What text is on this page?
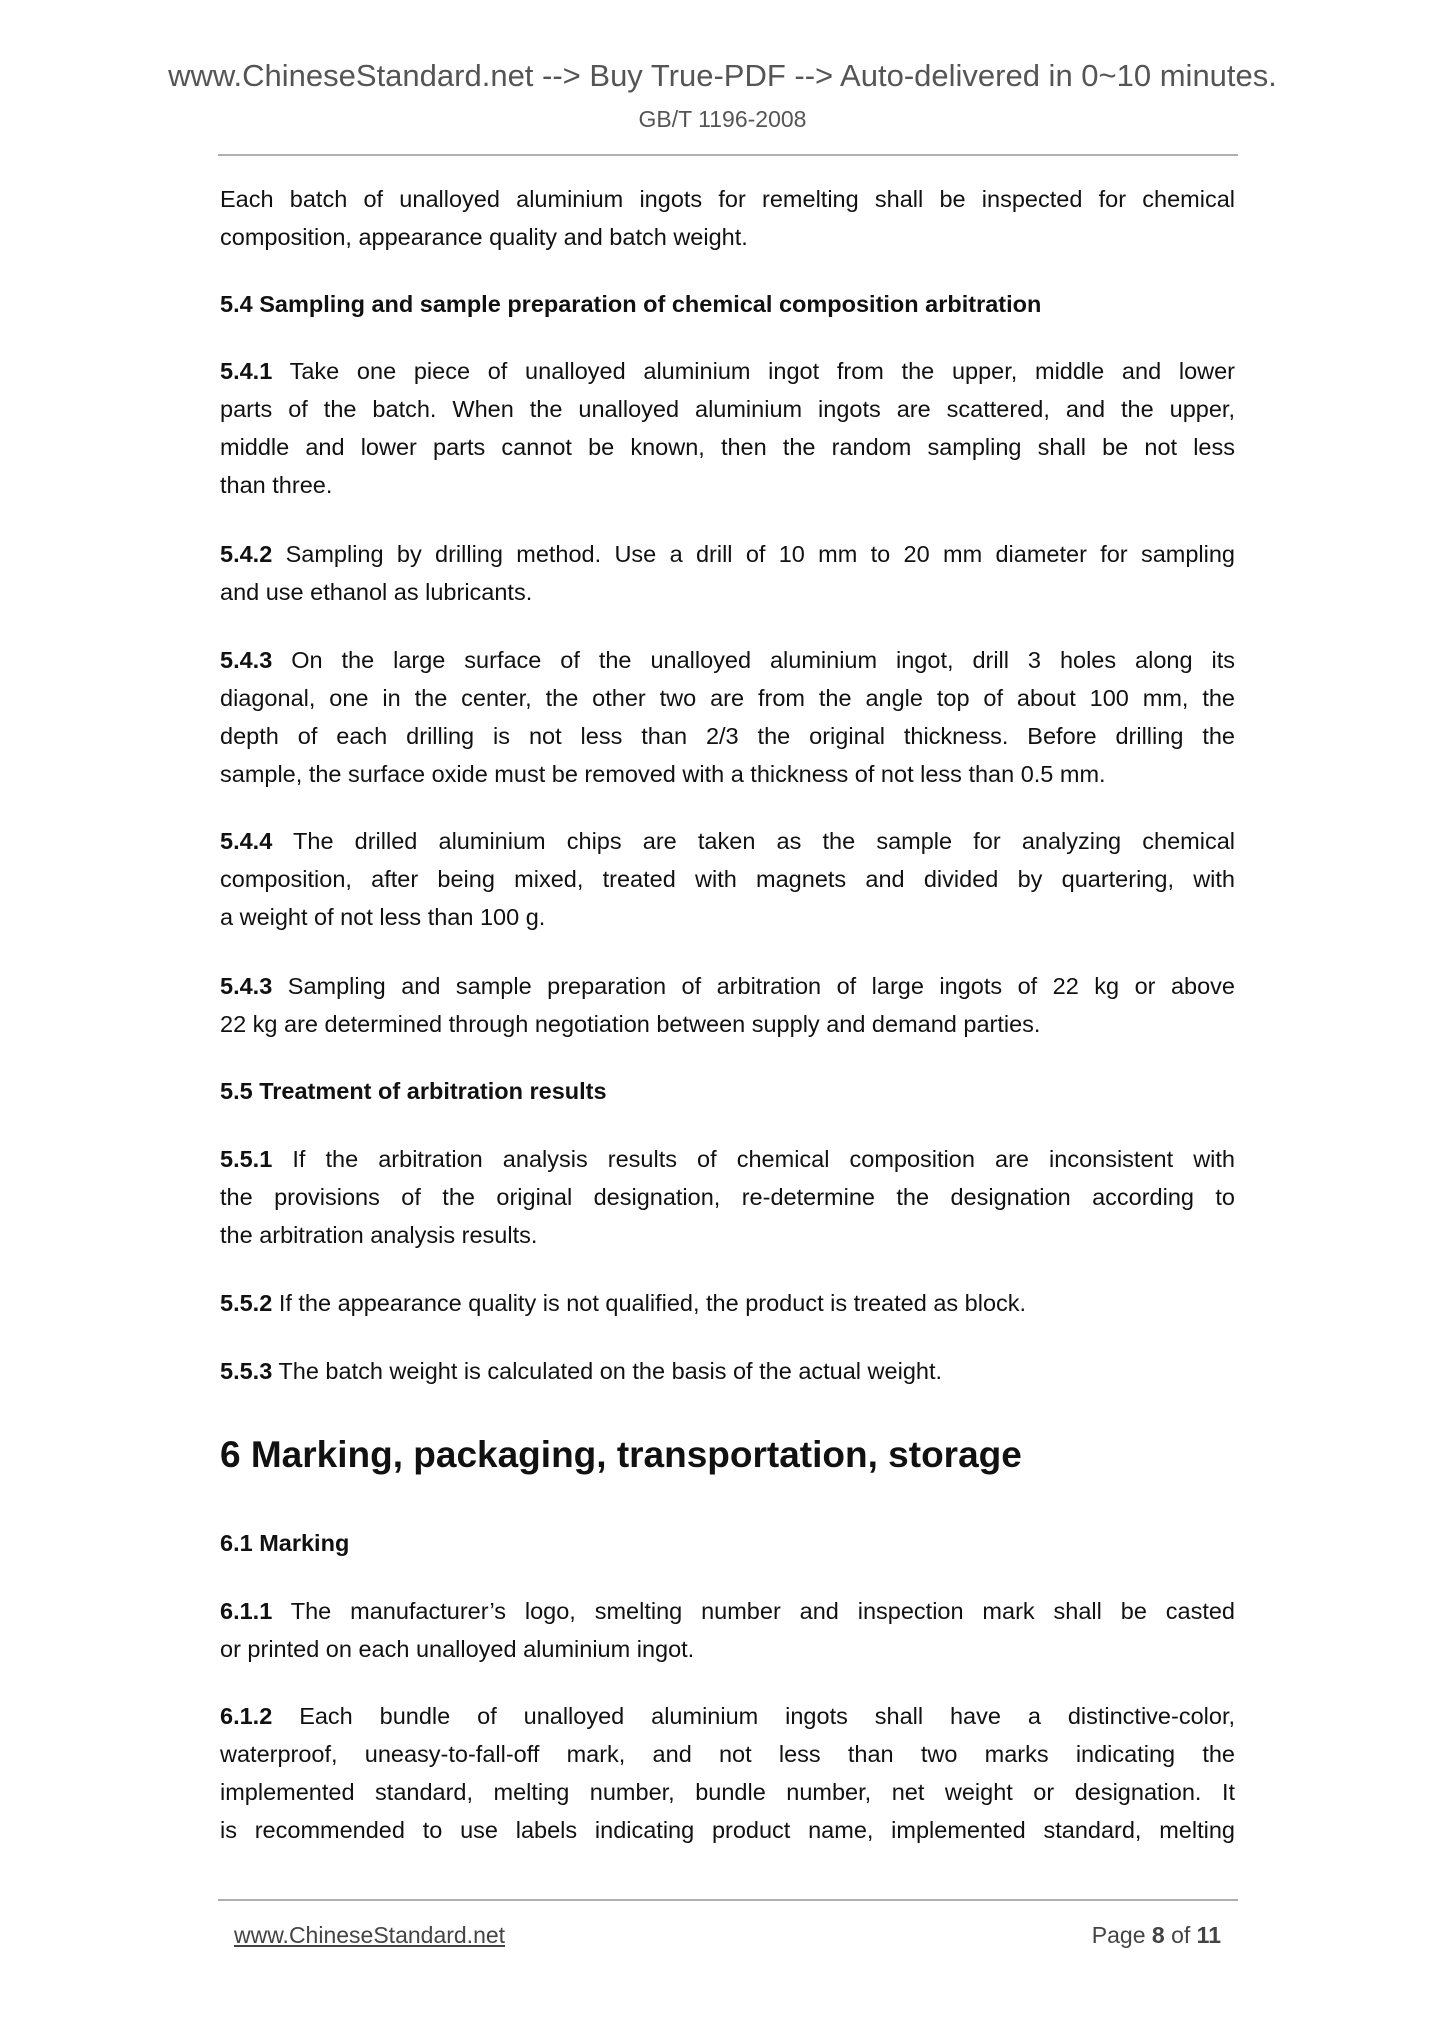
www.ChineseStandard.net --> Buy True-PDF --> Auto-delivered in 0~10 minutes.
GB/T 1196-2008
Each batch of unalloyed aluminium ingots for remelting shall be inspected for chemical
composition, appearance quality and batch weight.
5.4 Sampling and sample preparation of chemical composition arbitration
5.4.1 Take one piece of unalloyed aluminium ingot from the upper, middle and lower
parts of the batch. When the unalloyed aluminium ingots are scattered, and the upper,
middle and lower parts cannot be known, then the random sampling shall be not less
than three.
5.4.2 Sampling by drilling method. Use a drill of 10 mm to 20 mm diameter for sampling
and use ethanol as lubricants.
5.4.3 On the large surface of the unalloyed aluminium ingot, drill 3 holes along its
diagonal, one in the center, the other two are from the angle top of about 100 mm, the
depth of each drilling is not less than 2/3 the original thickness. Before drilling the
sample, the surface oxide must be removed with a thickness of not less than 0.5 mm.
5.4.4 The drilled aluminium chips are taken as the sample for analyzing chemical
composition, after being mixed, treated with magnets and divided by quartering, with
a weight of not less than 100 g.
5.4.3 Sampling and sample preparation of arbitration of large ingots of 22 kg or above
22 kg are determined through negotiation between supply and demand parties.
5.5 Treatment of arbitration results
5.5.1 If the arbitration analysis results of chemical composition are inconsistent with
the provisions of the original designation, re-determine the designation according to
the arbitration analysis results.
5.5.2 If the appearance quality is not qualified, the product is treated as block.
5.5.3 The batch weight is calculated on the basis of the actual weight.
6 Marking, packaging, transportation, storage
6.1 Marking
6.1.1 The manufacturer’s logo, smelting number and inspection mark shall be casted
or printed on each unalloyed aluminium ingot.
6.1.2 Each bundle of unalloyed aluminium ingots shall have a distinctive-color,
waterproof, uneasy-to-fall-off mark, and not less than two marks indicating the
implemented standard, melting number, bundle number, net weight or designation. It
is recommended to use labels indicating product name, implemented standard, melting
www.ChineseStandard.net	Page 8 of 11
